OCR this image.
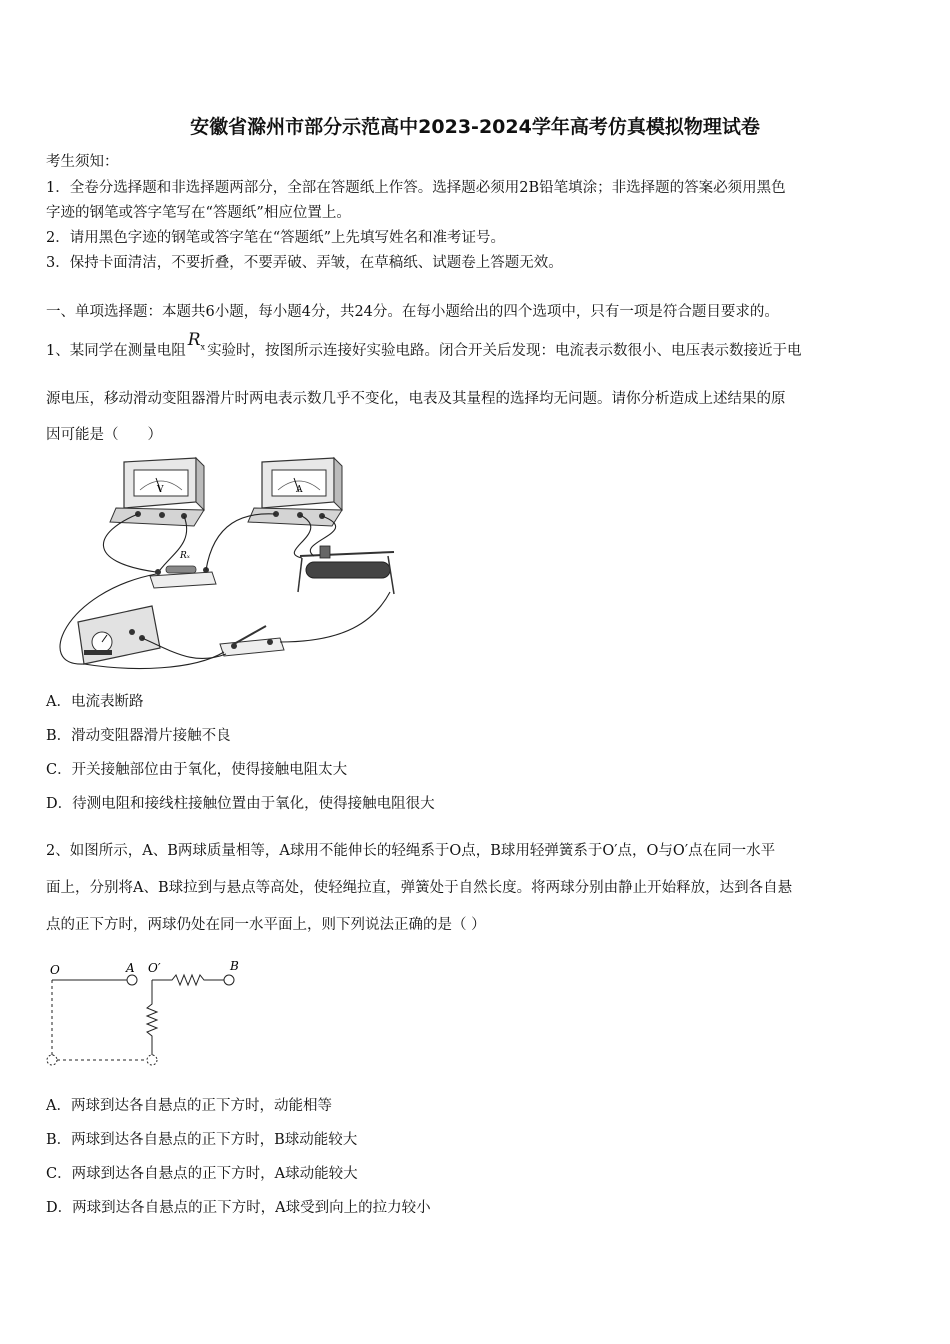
安徽省滁州市部分示范高中2023-2024学年高考仿真模拟物理试卷
考生须知：
1．全卷分选择题和非选择题两部分，全部在答题纸上作答。选择题必须用2B铅笔填涂；非选择题的答案必须用黑色
字迹的钢笔或答字笔写在“答题纸”相应位置上。
2．请用黑色字迹的钢笔或答字笔在“答题纸”上先填写姓名和准考证号。
3．保持卡面清洁，不要折叠，不要弄破、弄皱，在草稿纸、试题卷上答题无效。
一、单项选择题：本题共6小题，每小题4分，共24分。在每小题给出的四个选项中，只有一项是符合题目要求的。
1、某同学在测量电阻$R_x$ 实验时，按图所示连接好实验电路。闭合开关后发现：电流表示数很小、电压表示数接近于电
源电压，移动滑动变阻器滑片时两电表示数几乎不变化，电表及其量程的选择均无问题。请你分析造成上述结果的原
因可能是（　　）
V	A
Rₓ
A．电流表断路
B．滑动变阻器滑片接触不良
C．开关接触部位由于氧化，使得接触电阻太大
D．待测电阻和接线柱接触位置由于氧化，使得接触电阻很大
2、如图所示，A、B两球质量相等，A球用不能伸长的轻绳系于O点，B球用轻弹簧系于O′点，O与O′点在同一水平
面上，分别将A、B球拉到与悬点等高处，使轻绳拉直，弹簧处于自然长度。将两球分别由静止开始释放，达到各自悬
点的正下方时，两球仍处在同一水平面上，则下列说法正确的是（ ）
O	A O′	B
A．两球到达各自悬点的正下方时，动能相等
B．两球到达各自悬点的正下方时，B球动能较大
C．两球到达各自悬点的正下方时，A球动能较大
D．两球到达各自悬点的正下方时，A球受到向上的拉力较小
